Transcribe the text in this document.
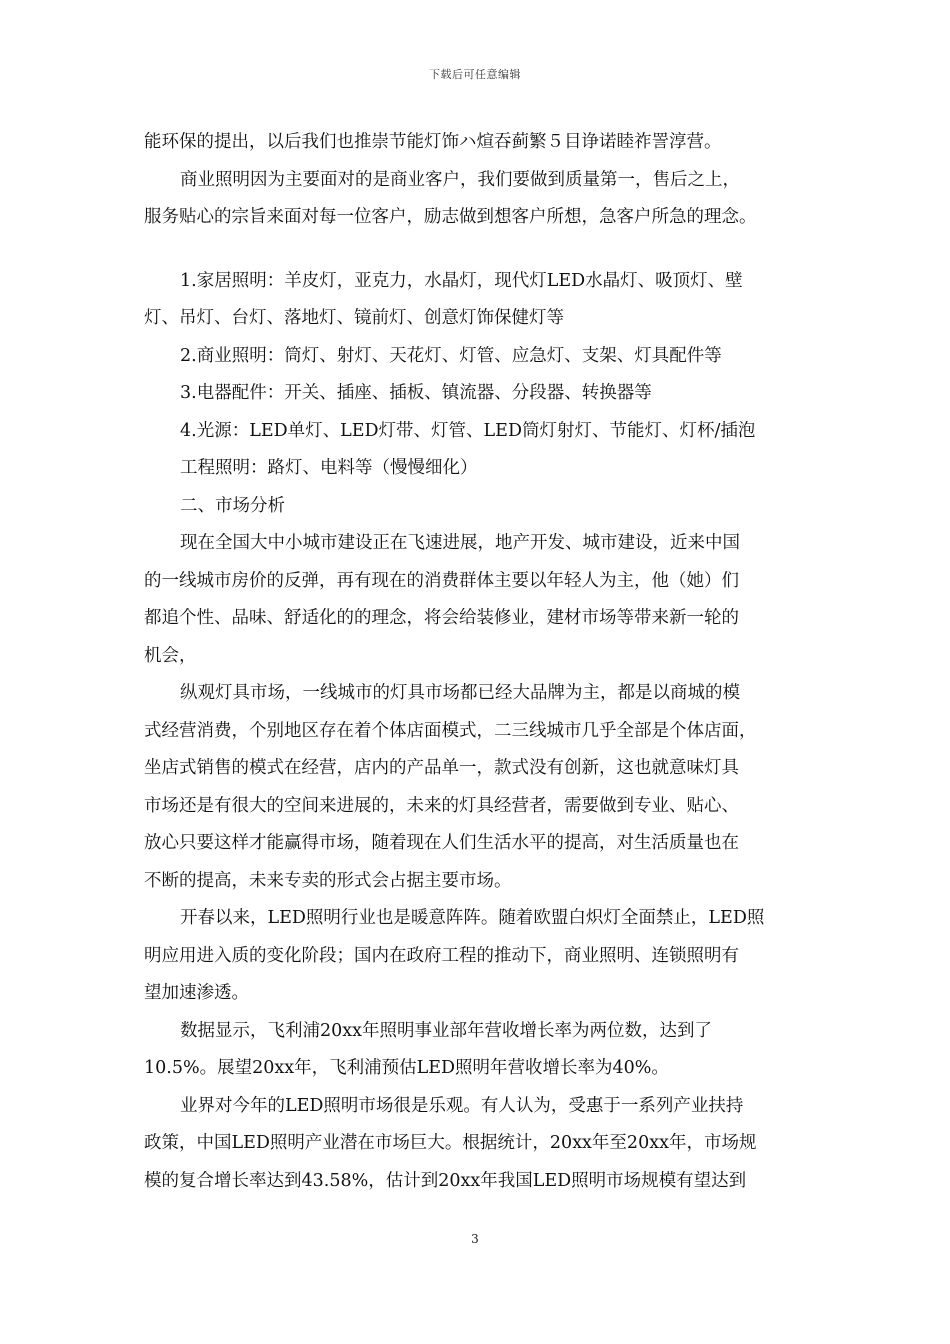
下载后可任意编辑
能环保的提出，以后我们也推崇节能灯饰ハ煊吞蓟繁５目诤诺睦祚詈淳营。
商业照明因为主要面对的是商业客户，我们要做到质量第一，售后之上，
服务贴心的宗旨来面对每一位客户，励志做到想客户所想，急客户所急的理念。
1.家居照明：羊皮灯，亚克力，水晶灯，现代灯LED水晶灯、吸顶灯、壁
灯、吊灯、台灯、落地灯、镜前灯、创意灯饰保健灯等
2.商业照明：筒灯、射灯、天花灯、灯管、应急灯、支架、灯具配件等
3.电器配件：开关、插座、插板、镇流器、分段器、转换器等
4.光源：LED单灯、LED灯带、灯管、LED筒灯射灯、节能灯、灯杯/插泡
工程照明：路灯、电料等（慢慢细化）
二、市场分析
现在全国大中小城市建设正在飞速进展，地产开发、城市建设，近来中国
的一线城市房价的反弹，再有现在的消费群体主要以年轻人为主，他（她）们
都追个性、品味、舒适化的的理念，将会给装修业，建材市场等带来新一轮的
机会，
纵观灯具市场，一线城市的灯具市场都已经大品牌为主，都是以商城的模
式经营消费，个别地区存在着个体店面模式，二三线城市几乎全部是个体店面，
坐店式销售的模式在经营，店内的产品单一，款式没有创新，这也就意味灯具
市场还是有很大的空间来进展的，未来的灯具经营者，需要做到专业、贴心、
放心只要这样才能赢得市场，随着现在人们生活水平的提高，对生活质量也在
不断的提高，未来专卖的形式会占据主要市场。
开春以来，LED照明行业也是暖意阵阵。随着欧盟白炽灯全面禁止，LED照
明应用进入质的变化阶段；国内在政府工程的推动下，商业照明、连锁照明有
望加速渗透。
数据显示，飞利浦20xx年照明事业部年营收增长率为两位数，达到了
10.5%。展望20xx年，飞利浦预估LED照明年营收增长率为40%。
业界对今年的LED照明市场很是乐观。有人认为，受惠于一系列产业扶持
政策，中国LED照明产业潜在市场巨大。根据统计，20xx年至20xx年，市场规
模的复合增长率达到43.58%，估计到20xx年我国LED照明市场规模有望达到
3
